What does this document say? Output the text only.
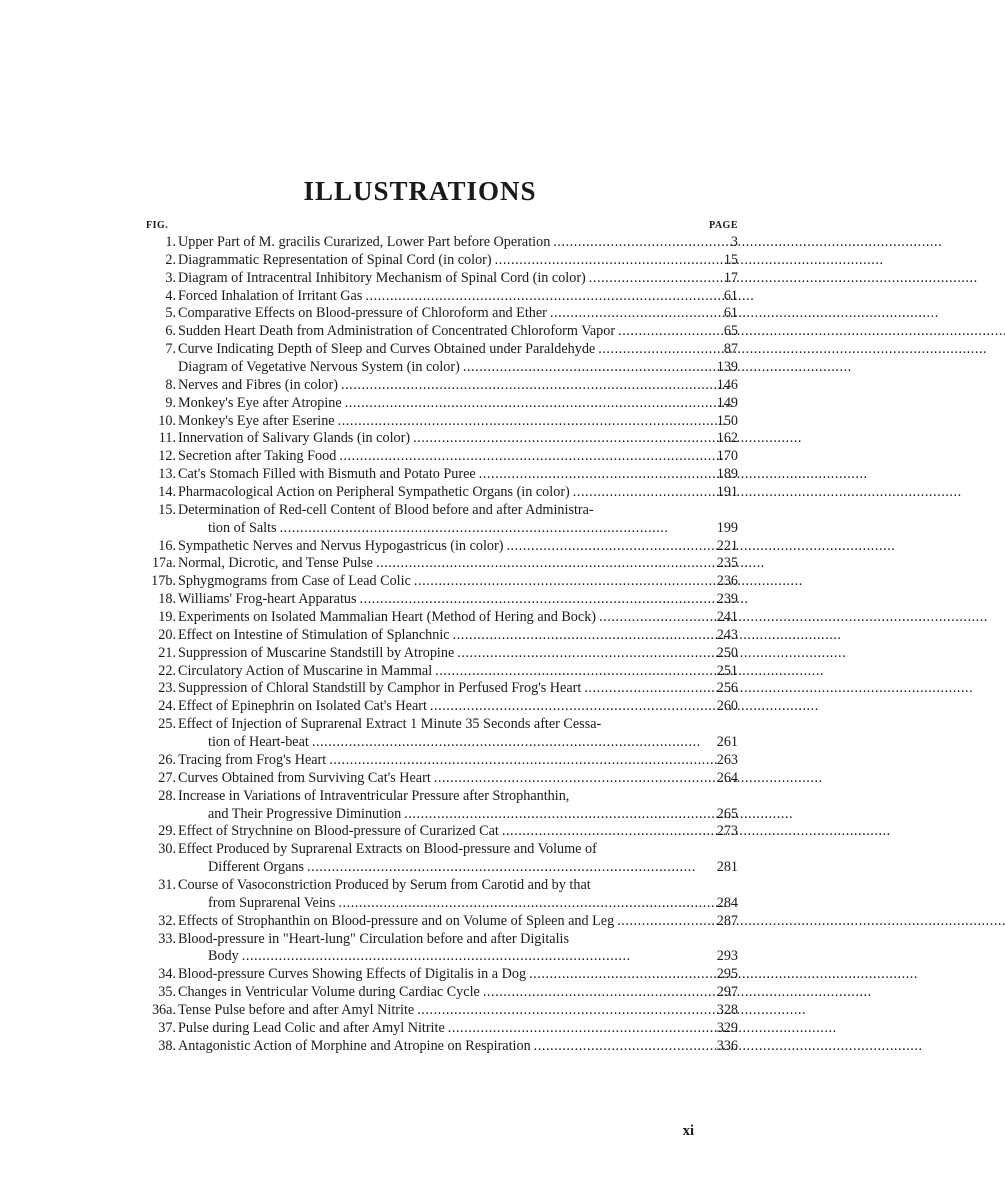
ILLUSTRATIONS
FIG.	PAGE
1. Upper Part of M. gracilis Curarized, Lower Part before Operation . . .	3
2. Diagrammatic Representation of Spinal Cord (in color) . . .	15
3. Diagram of Intracentral Inhibitory Mechanism of Spinal Cord (in color) . . .	17
4. Forced Inhalation of Irritant Gas . . .	61
5. Comparative Effects on Blood-pressure of Chloroform and Ether . . .	61
6. Sudden Heart Death from Administration of Concentrated Chloroform Vapor . . .	65
7. Curve Indicating Depth of Sleep and Curves Obtained under Paraldehyde . . .	87
Diagram of Vegetative Nervous System (in color) . . .	139
8. Nerves and Fibres (in color) . . .	146
9. Monkey's Eye after Atropine . . .	149
10. Monkey's Eye after Eserine . . .	150
11. Innervation of Salivary Glands (in color) . . .	162
12. Secretion after Taking Food . . .	170
13. Cat's Stomach Filled with Bismuth and Potato Puree . . .	189
14. Pharmacological Action on Peripheral Sympathetic Organs (in color) . . .	191
15. Determination of Red-cell Content of Blood before and after Administra-
tion of Salts . . .	199
16. Sympathetic Nerves and Nervus Hypogastricus (in color) . . .	221
17a. Normal, Dicrotic, and Tense Pulse . . .	235
17b. Sphygmograms from Case of Lead Colic . . .	236
18. Williams' Frog-heart Apparatus . . .	239
19. Experiments on Isolated Mammalian Heart (Method of Hering and Bock) . . .	241
20. Effect on Intestine of Stimulation of Splanchnic . . .	243
21. Suppression of Muscarine Standstill by Atropine . . .	250
22. Circulatory Action of Muscarine in Mammal . . .	251
23. Suppression of Chloral Standstill by Camphor in Perfused Frog's Heart . . .	256
24. Effect of Epinephrin on Isolated Cat's Heart . . .	260
25. Effect of Injection of Suprarenal Extract 1 Minute 35 Seconds after Cessa-
tion of Heart-beat . . .	261
26. Tracing from Frog's Heart . . .	263
27. Curves Obtained from Surviving Cat's Heart . . .	264
28. Increase in Variations of Intraventricular Pressure after Strophanthin,
and Their Progressive Diminution . . .	265
29. Effect of Strychnine on Blood-pressure of Curarized Cat . . .	273
30. Effect Produced by Suprarenal Extracts on Blood-pressure and Volume of
Different Organs . . .	281
31. Course of Vasoconstriction Produced by Serum from Carotid and by that
from Suprarenal Veins . . .	284
32. Effects of Strophanthin on Blood-pressure and on Volume of Spleen and Leg . . .	287
33. Blood-pressure in "Heart-lung" Circulation before and after Digitalis
Body . . .	293
34. Blood-pressure Curves Showing Effects of Digitalis in a Dog . . .	295
35. Changes in Ventricular Volume during Cardiac Cycle . . .	297
36a. Tense Pulse before and after Amyl Nitrite . . .	328
37. Pulse during Lead Colic and after Amyl Nitrite . . .	329
38. Antagonistic Action of Morphine and Atropine on Respiration . . .	336
xi
